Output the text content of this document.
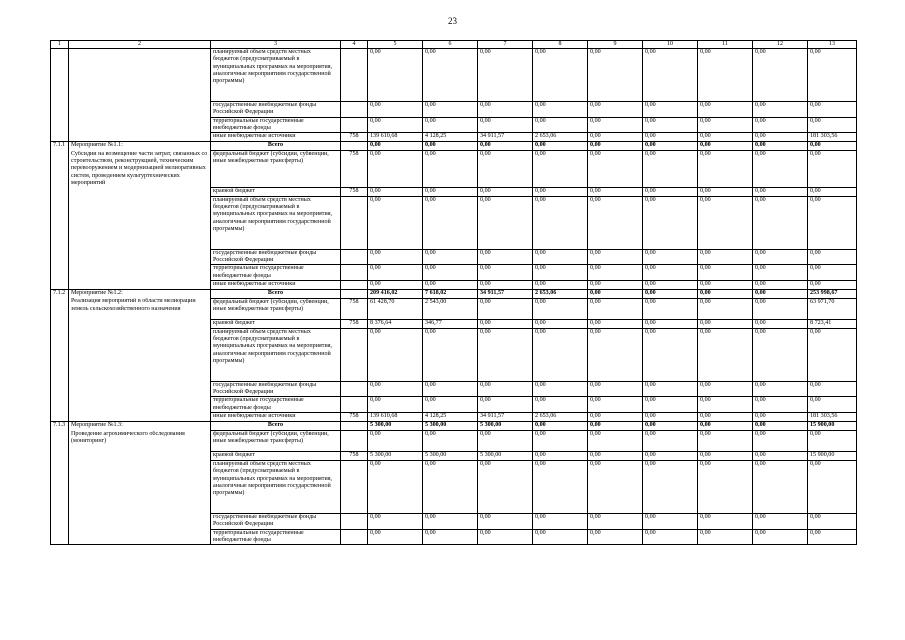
23
1	2	3	4	5	6	7	8	9	10	11	12	13
		планируемый объем средств местных бюджетов (предусматриваемый в муниципальных программах на мероприятия, аналогичные мероприятиям государственной программы)		0,00	0,00	0,00	0,00	0,00	0,00	0,00	0,00	0,00
		государственные внебюджетные фонды Российской Федерации		0,00	0,00	0,00	0,00	0,00	0,00	0,00	0,00	0,00
		территориальные государственные внебюджетные фонды		0,00	0,00	0,00	0,00	0,00	0,00	0,00	0,00	0,00
		иные внебюджетные источники	758	139 610,68	4 128,25	34 911,57	2 653,06	0,00	0,00	0,00	0,00	181 303,56
7.1.1	Мероприятие №1.1:	Всего		0,00	0,00	0,00	0,00	0,00	0,00	0,00	0,00	0,00
	Субсидии на возмещение части затрат, связанных со строительством, реконструкцией, техническим перевооружением и модернизацией мелиоративных систем, проведением культуртехнических мероприятий	федеральный бюджет (субсидии, субвенции, иные межбюджетные трансферты)	758	0,00	0,00	0,00	0,00	0,00	0,00	0,00	0,00	0,00
		краевой бюджет	758	0,00	0,00	0,00	0,00	0,00	0,00	0,00	0,00	0,00
		планируемый объем средств местных бюджетов (предусматриваемый в муниципальных программах на мероприятия, аналогичные мероприятиям государственной программы)		0,00	0,00	0,00	0,00	0,00	0,00	0,00	0,00	0,00
		государственные внебюджетные фонды Российской Федерации		0,00	0,00	0,00	0,00	0,00	0,00	0,00	0,00	0,00
		территориальные государственные внебюджетные фонды		0,00	0,00	0,00	0,00	0,00	0,00	0,00	0,00	0,00
		иные внебюджетные источники		0,00	0,00	0,00	0,00	0,00	0,00	0,00	0,00	0,00
7.1.2	Мероприятие №1.2:	Всего		209 416,02	7 618,02	34 911,57	2 653,06	0,00	0,00	0,00	0,00	253 998,67
	Реализация мероприятий в области мелиорации земель сельскохозяйственного назначения	федеральный бюджет (субсидии, субвенции, иные межбюджетные трансферты)	758	61 428,70	2 543,00	0,00	0,00	0,00	0,00	0,00	0,00	63 971,70
		краевой бюджет	758	8 376,64	346,77	0,00	0,00	0,00	0,00	0,00	0,00	8 723,41
		планируемый объем средств местных бюджетов (предусматриваемый в муниципальных программах на мероприятия, аналогичные мероприятиям государственной программы)		0,00	0,00	0,00	0,00	0,00	0,00	0,00	0,00	0,00
		государственные внебюджетные фонды Российской Федерации		0,00	0,00	0,00	0,00	0,00	0,00	0,00	0,00	0,00
		территориальные государственные внебюджетные фонды		0,00	0,00	0,00	0,00	0,00	0,00	0,00	0,00	0,00
		иные внебюджетные источники	758	139 610,68	4 128,25	34 911,57	2 653,06	0,00	0,00	0,00	0,00	181 303,56
7.1.3	Мероприятие №1.3:	Всего		5 300,00	5 300,00	5 300,00	0,00	0,00	0,00	0,00	0,00	15 900,00
	Проведение агрохимического обследования (мониторинг)	федеральный бюджет (субсидии, субвенции, иные межбюджетные трансферты)		0,00	0,00	0,00	0,00	0,00	0,00	0,00	0,00	0,00
		краевой бюджет	758	5 300,00	5 300,00	5 300,00	0,00	0,00	0,00	0,00	0,00	15 900,00
		планируемый объем средств местных бюджетов (предусматриваемый в муниципальных программах на мероприятия, аналогичные мероприятиям государственной программы)		0,00	0,00	0,00	0,00	0,00	0,00	0,00	0,00	0,00
		государственные внебюджетные фонды Российской Федерации		0,00	0,00	0,00	0,00	0,00	0,00	0,00	0,00	0,00
		территориальные государственные внебюджетные фонды		0,00	0,00	0,00	0,00	0,00	0,00	0,00	0,00	0,00
